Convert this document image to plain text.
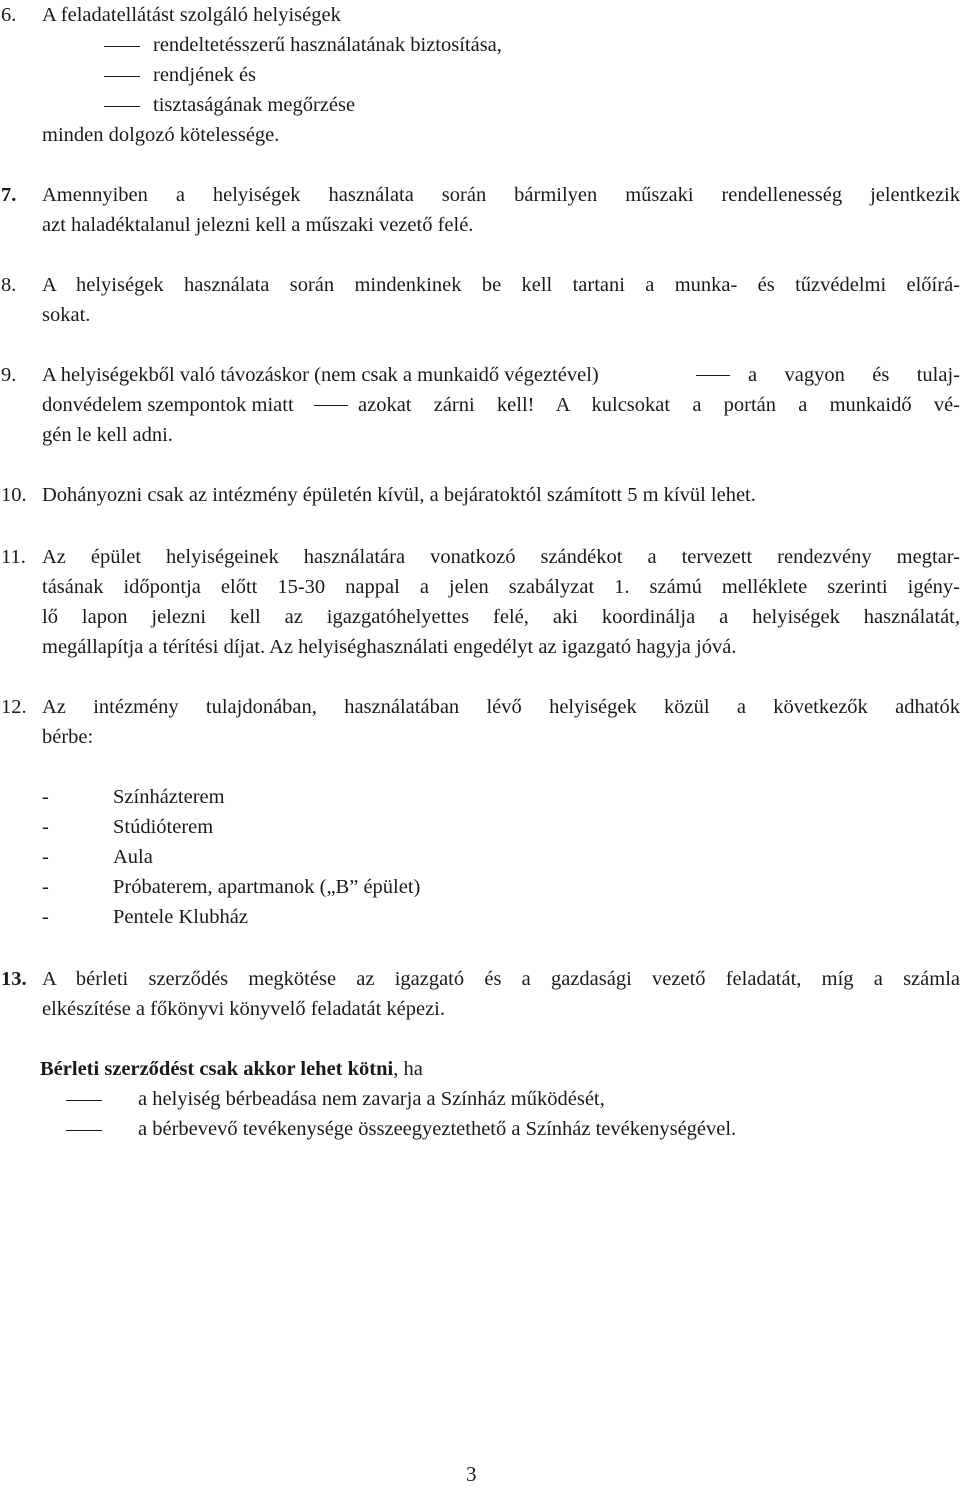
6. A feladatellátást szolgáló helyiségek
rendeltetésszerű használatának biztosítása,
rendjének és
tisztaságának megőrzése
minden dolgozó kötelessége.
7. Amennyiben a helyiségek használata során bármilyen műszaki rendellenesség jelentkezik
azt haladéktalanul jelezni kell a műszaki vezető felé.
8. A helyiségek használata során mindenkinek be kell tartani a munka- és tűzvédelmi előírá-
sokat.
9. A helyiségekből való távozáskor (nem csak a munkaidő végeztével)	a vagyon és tulaj-
donvédelem szempontok miatt	azokat zárni kell! A kulcsokat a portán a munkaidő vé-
gén le kell adni.
10. Dohányozni csak az intézmény épületén kívül, a bejáratoktól számított 5 m kívül lehet.
11. Az épület helyiségeinek használatára vonatkozó szándékot a tervezett rendezvény megtar-
tásának időpontja előtt 15-30 nappal a jelen szabályzat 1. számú melléklete szerinti igény-
lő lapon jelezni kell az igazgatóhelyettes felé, aki koordinálja a helyiségek használatát,
megállapítja a térítési díjat. Az helyiséghasználati engedélyt az igazgató hagyja jóvá.
12. Az intézmény tulajdonában, használatában lévő helyiségek közül a következők adhatók
bérbe:
-	Színházterem
-	Stúdióterem
-	Aula
-	Próbaterem, apartmanok („B” épület)
-	Pentele Klubház
13. A bérleti szerződés megkötése az igazgató és a gazdasági vezető feladatát, míg a számla
elkészítése a főkönyvi könyvelő feladatát képezi.
Bérleti szerződést csak akkor lehet kötni, ha
a helyiség bérbeadása nem zavarja a Színház működését,
a bérbevevő tevékenysége összeegyeztethető a Színház tevékenységével.
3
